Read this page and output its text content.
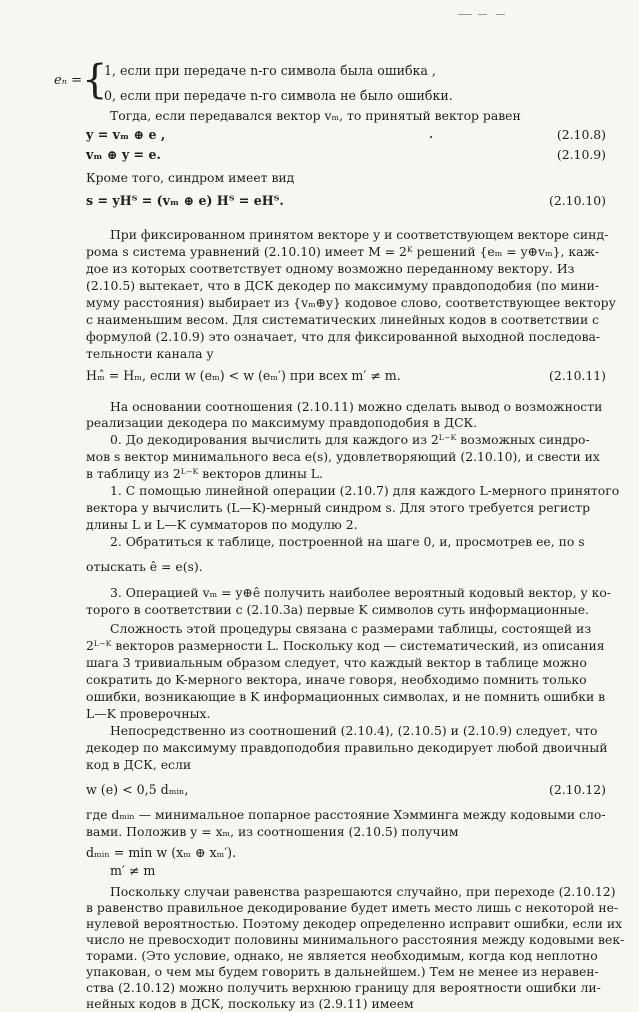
eₙ = {
1, если при передаче n-го символа была ошибка ,
0, если при передаче n-го символа не было ошибки.
Тогда, если передавался вектор vₘ, то принятый вектор равен
y = vₘ ⊕ e ,	(2.10.8)
vₘ ⊕ y = e.	(2.10.9)
Кроме того, синдром имеет вид
s = yHᵀ = (vₘ ⊕ e) Hᵀ = eHᵀ.	(2.10.10)
При фиксированном принятом векторе y и соответствующем векторе синд-
рома s система уравнений (2.10.10) имеет M = 2ᴷ решений {eₘ = y⊕vₘ}, каж-
дое из которых соответствует одному возможно переданному вектору. Из
(2.10.5) вытекает, что в ДСК декодер по максимуму правдоподобия (по мини-
муму расстояния) выбирает из {vₘ⊕y} кодовое слово, соответствующее вектору
с наименьшим весом. Для систематических линейных кодов в соответствии с
формулой (2.10.9) это означает, что для фиксированной выходной последова-
тельности канала y
Hₘ̂ = Hₘ, если w (eₘ) < w (eₘ′) при всех m′ ≠ m.	(2.10.11)
На основании соотношения (2.10.11) можно сделать вывод о возможности
реализации декодера по максимуму правдоподобия в ДСК.
0. До декодирования вычислить для каждого из 2ᴸ⁻ᴷ возможных синдро-
мов s вектор минимального веса e(s), удовлетворяющий (2.10.10), и свести их
в таблицу из 2ᴸ⁻ᴷ векторов длины L.
1. С помощью линейной операции (2.10.7) для каждого L-мерного принятого
вектора y вычислить (L—K)-мерный синдром s. Для этого требуется регистр
длины L и L—K сумматоров по модулю 2.
2. Обратиться к таблице, построенной на шаге 0, и, просмотрев ее, по s
отыскать ê = e(s).
3. Операцией vₘ = y⊕ê получить наиболее вероятный кодовый вектор, у ко-
торого в соответствии с (2.10.3а) первые K символов суть информационные.
Сложность этой процедуры связана с размерами таблицы, состоящей из
2ᴸ⁻ᴷ векторов размерности L. Поскольку код — систематический, из описания
шага 3 тривиальным образом следует, что каждый вектор в таблице можно
сократить до K-мерного вектора, иначе говоря, необходимо помнить только
ошибки, возникающие в K информационных символах, и не помнить ошибки в
L—K проверочных.
Непосредственно из соотношений (2.10.4), (2.10.5) и (2.10.9) следует, что
декодер по максимуму правдоподобия правильно декодирует любой двоичный
код в ДСК, если
w (e) < 0,5 dₘᵢₙ,	(2.10.12)
где dₘᵢₙ — минимальное попарное расстояние Хэмминга между кодовыми сло-
вами. Положив y = xₘ, из соотношения (2.10.5) получим
dₘᵢₙ = min w (xₘ ⊕ xₘ′).
m′ ≠ m
Поскольку случаи равенства разрешаются случайно, при переходе (2.10.12)
в равенство правильное декодирование будет иметь место лишь с некоторой не-
нулевой вероятностью. Поэтому декодер определенно исправит ошибки, если их
число не превосходит половины минимального расстояния между кодовыми век-
торами. (Это условие, однако, не является необходимым, когда код неплотно
упакован, о чем мы будем говорить в дальнейшем.) Тем не менее из неравен-
ства (2.10.12) можно получить верхнюю границу для вероятности ошибки ли-
нейных кодов в ДСК, поскольку из (2.9.11) имеем
